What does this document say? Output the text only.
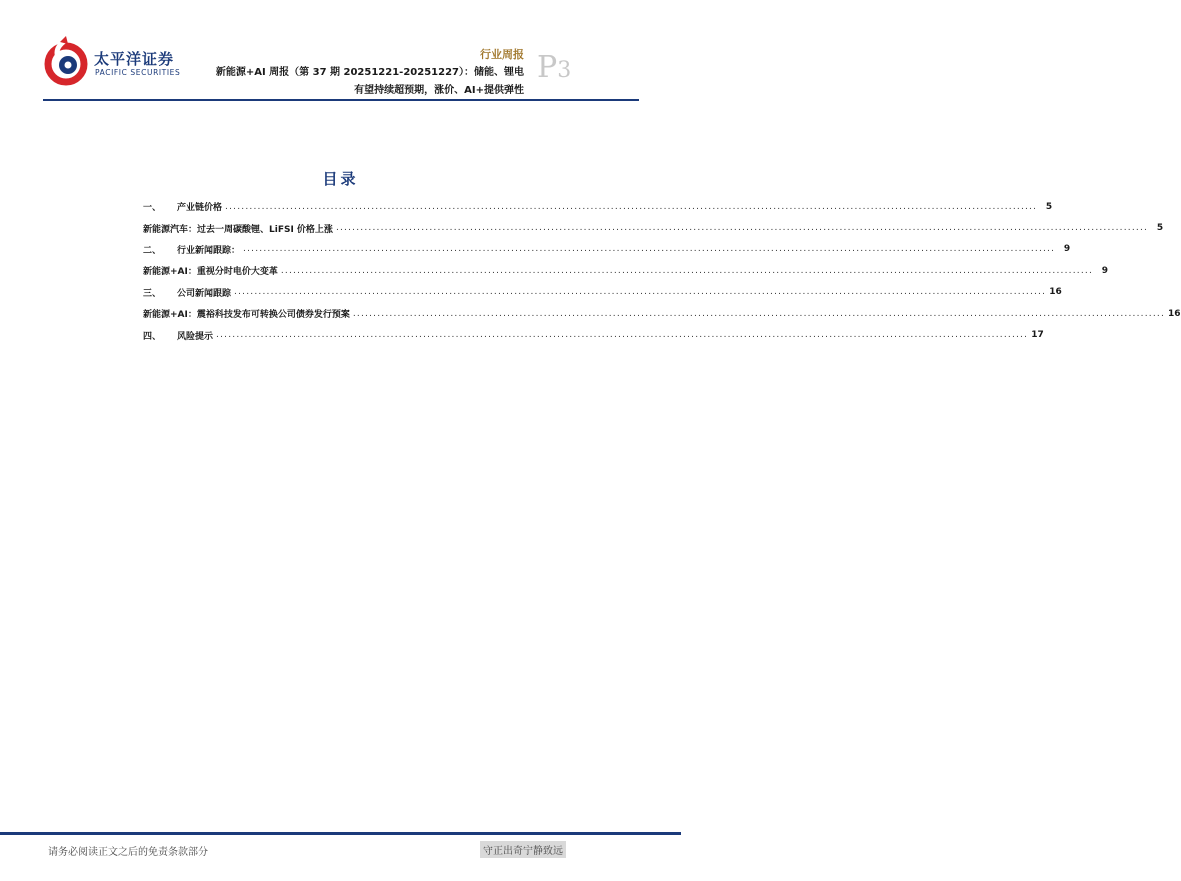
太平洋证券
PACIFIC SECURITIES
行业周报
新能源+AI 周报（第 37 期 20251221-20251227）：储能、锂电
有望持续超预期，涨价、AI+提供弹性
P3
目录
一、	产业链价格 ........................................................................................................................................................................................................ 5
新能源汽车：过去一周碳酸锂、LiFSI 价格上涨 ........................................................................................................................................................................................................ 5
二、	行业新闻跟踪： ........................................................................................................................................................................................................ 9
新能源+AI：重视分时电价大变革 ........................................................................................................................................................................................................ 9
三、	公司新闻跟踪 ........................................................................................................................................................................................................ 16
新能源+AI：震裕科技发布可转换公司债券发行预案 ........................................................................................................................................................................................................ 16
四、	风险提示 ........................................................................................................................................................................................................ 17
请务必阅读正文之后的免责条款部分	守正出奇宁静致远
